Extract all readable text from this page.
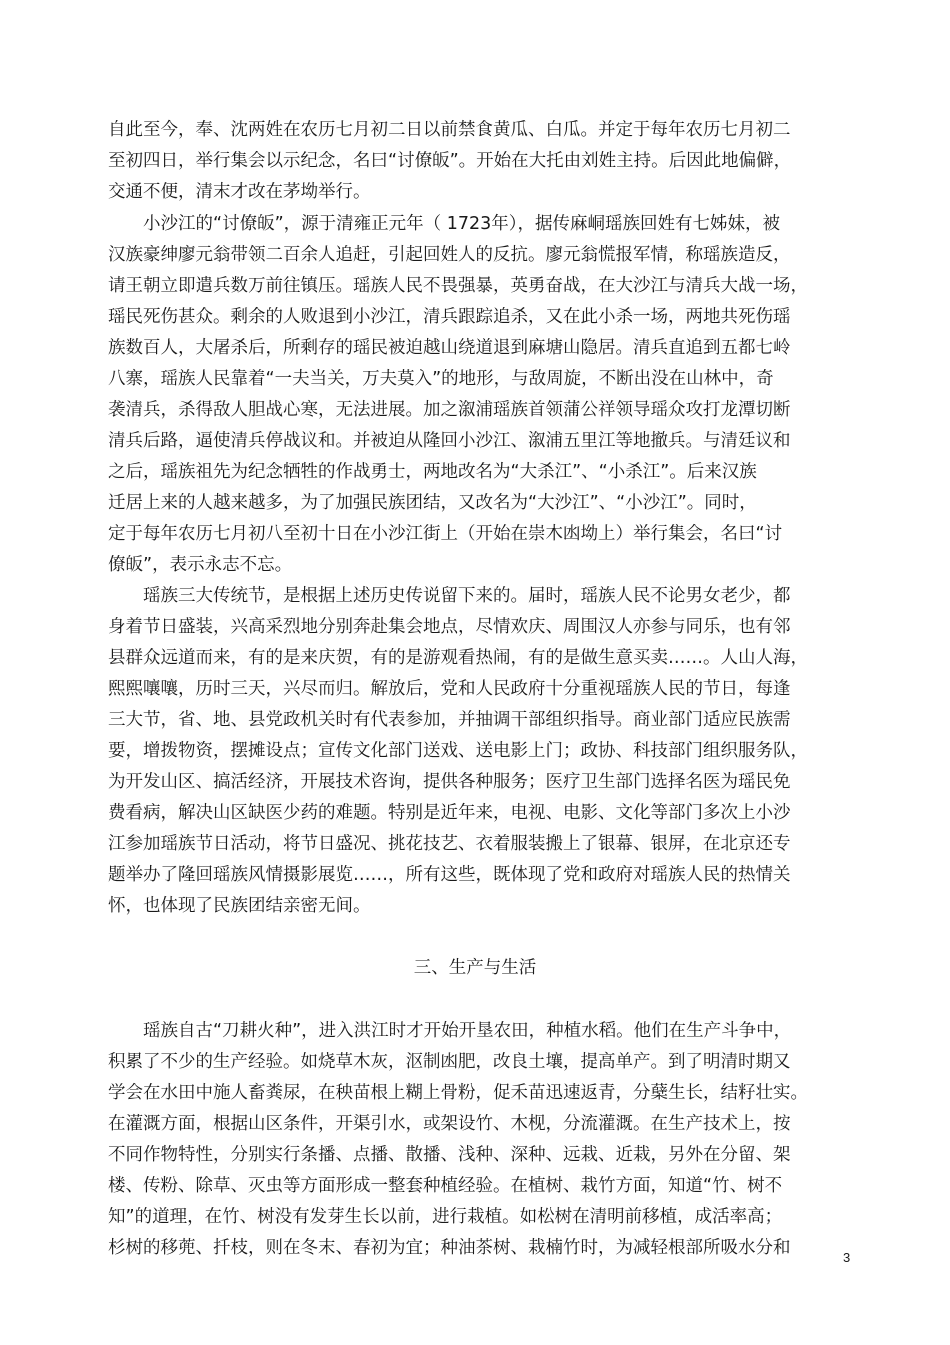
自此至今，奉、沈两姓在农历七月初二日以前禁食黄瓜、白瓜。并定于每年农历七月初二
至初四日，举行集会以示纪念，名曰“讨僚皈”。开始在大托由刘姓主持。后因此地偏僻，
交通不便，清末才改在茅坳举行。
小沙江的“讨僚皈”，源于清雍正元年（ 1723年），据传麻峒瑶族回姓有七姊妹，被
汉族豪绅廖元翁带领二百余人追赶，引起回姓人的反抗。廖元翁慌报军情，称瑶族造反，
请王朝立即遣兵数万前往镇压。瑶族人民不畏强暴，英勇奋战，在大沙江与清兵大战一场，
瑶民死伤甚众。剩余的人败退到小沙江，清兵跟踪追杀，又在此小杀一场，两地共死伤瑶
族数百人，大屠杀后，所剩存的瑶民被迫越山绕道退到麻塘山隐居。清兵直追到五都七岭
八寨，瑶族人民靠着“一夫当关，万夫莫入”的地形，与敌周旋，不断出没在山林中，奇
袭清兵，杀得敌人胆战心寒，无法进展。加之溆浦瑶族首领蒲公祥领导瑶众攻打龙潭切断
清兵后路，逼使清兵停战议和。并被迫从隆回小沙江、溆浦五里江等地撤兵。与清廷议和
之后，瑶族祖先为纪念牺牲的作战勇士，两地改名为“大杀江”、“小杀江”。后来汉族
迁居上来的人越来越多，为了加强民族团结，又改名为“大沙江”、“小沙江”。同时，
定于每年农历七月初八至初十日在小沙江街上（开始在崇木凼坳上）举行集会，名曰“讨
僚皈”，表示永志不忘。
瑶族三大传统节，是根据上述历史传说留下来的。届时，瑶族人民不论男女老少，都
身着节日盛装，兴高采烈地分别奔赴集会地点，尽情欢庆、周围汉人亦参与同乐，也有邻
县群众远道而来，有的是来庆贺，有的是游观看热闹，有的是做生意买卖……。人山人海，
熙熙嚷嚷，历时三天，兴尽而归。解放后，党和人民政府十分重视瑶族人民的节日，每逢
三大节，省、地、县党政机关时有代表参加，并抽调干部组织指导。商业部门适应民族需
要，增拨物资，摆摊设点；宣传文化部门送戏、送电影上门；政协、科技部门组织服务队，
为开发山区、搞活经济，开展技术咨询，提供各种服务；医疗卫生部门选择名医为瑶民免
费看病，解决山区缺医少药的难题。特别是近年来，电视、电影、文化等部门多次上小沙
江参加瑶族节日活动，将节日盛况、挑花技艺、衣着服装搬上了银幕、银屏，在北京还专
题举办了隆回瑶族风情摄影展览……，所有这些，既体现了党和政府对瑶族人民的热情关
怀，也体现了民族团结亲密无间。
三、生产与生活
瑶族自古“刀耕火种”，进入洪江时才开始开垦农田，种植水稻。他们在生产斗争中，
积累了不少的生产经验。如烧草木灰，沤制凼肥，改良土壤，提高单产。到了明清时期又
学会在水田中施人畜粪尿，在秧苗根上糊上骨粉，促禾苗迅速返青，分蘖生长，结籽壮实。
在灌溉方面，根据山区条件，开渠引水，或架设竹、木枧，分流灌溉。在生产技术上，按
不同作物特性，分别实行条播、点播、散播、浅种、深种、远栽、近栽，另外在分留、架
楼、传粉、除草、灭虫等方面形成一整套种植经验。在植树、栽竹方面，知道“竹、树不
知”的道理，在竹、树没有发芽生长以前，进行栽植。如松树在清明前移植，成活率高；
杉树的移蔸、扦枝，则在冬末、春初为宜；种油茶树、栽楠竹时，为减轻根部所吸水分和	3
